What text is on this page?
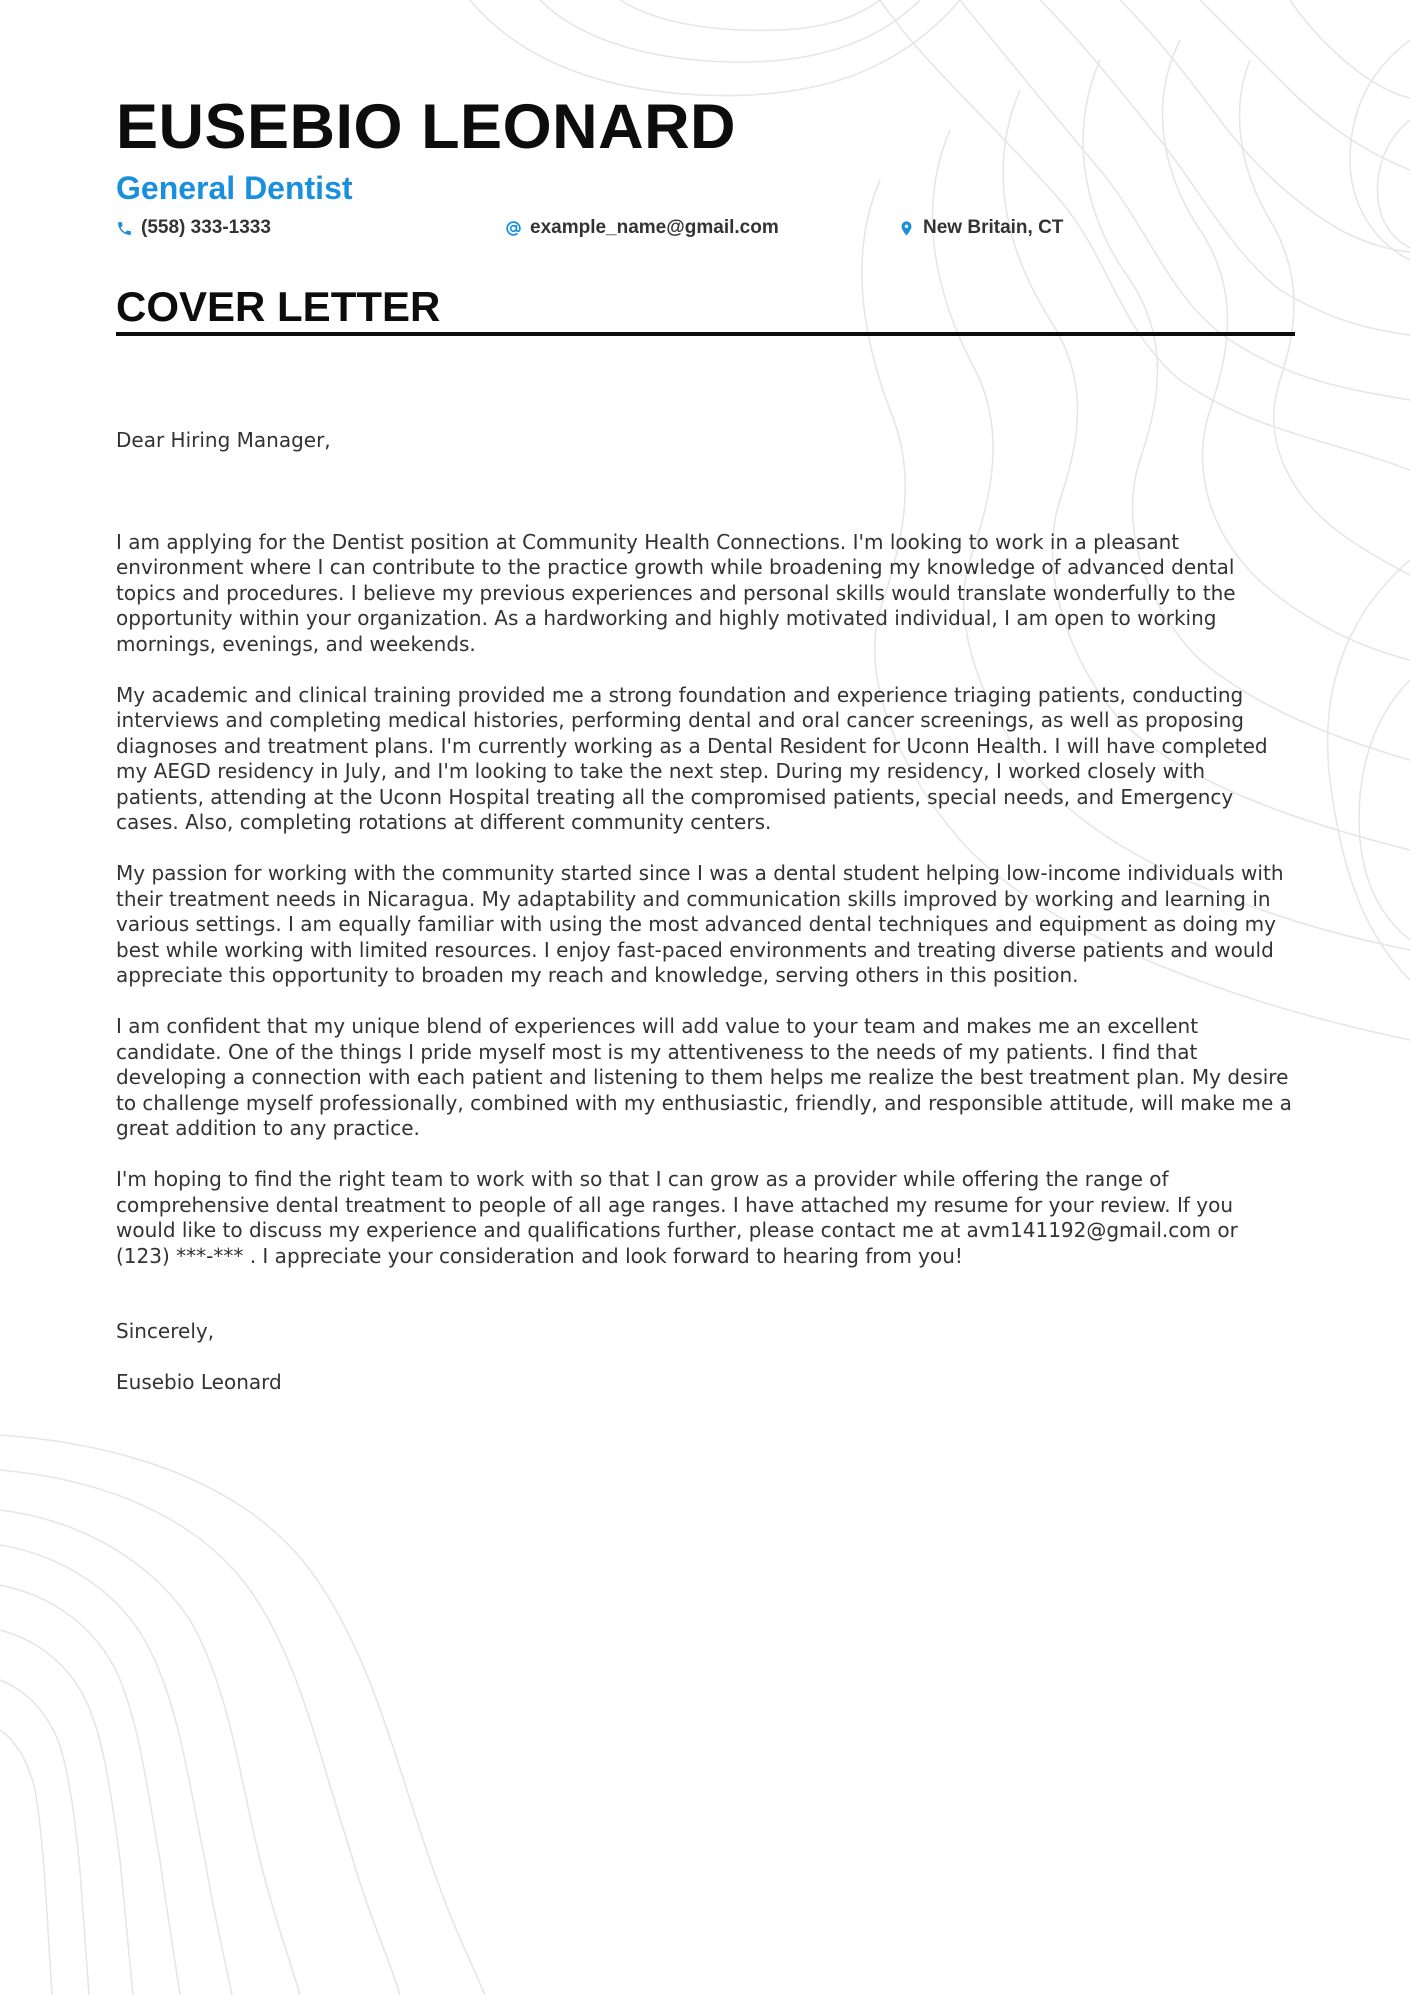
EUSEBIO LEONARD
General Dentist
(558) 333-1333	example_name@gmail.com	New Britain, CT
COVER LETTER

Dear Hiring Manager,

I am applying for the Dentist position at Community Health Connections. I'm looking to work in a pleasant environment where I can contribute to the practice growth while broadening my knowledge of advanced dental topics and procedures. I believe my previous experiences and personal skills would translate wonderfully to the opportunity within your organization. As a hardworking and highly motivated individual, I am open to working mornings, evenings, and weekends.

My academic and clinical training provided me a strong foundation and experience triaging patients, conducting interviews and completing medical histories, performing dental and oral cancer screenings, as well as proposing diagnoses and treatment plans. I'm currently working as a Dental Resident for Uconn Health. I will have completed my AEGD residency in July, and I'm looking to take the next step. During my residency, I worked closely with patients, attending at the Uconn Hospital treating all the compromised patients, special needs, and Emergency cases. Also, completing rotations at different community centers.

My passion for working with the community started since I was a dental student helping low-income individuals with their treatment needs in Nicaragua. My adaptability and communication skills improved by working and learning in various settings. I am equally familiar with using the most advanced dental techniques and equipment as doing my best while working with limited resources. I enjoy fast-paced environments and treating diverse patients and would appreciate this opportunity to broaden my reach and knowledge, serving others in this position.

I am confident that my unique blend of experiences will add value to your team and makes me an excellent candidate. One of the things I pride myself most is my attentiveness to the needs of my patients. I find that developing a connection with each patient and listening to them helps me realize the best treatment plan. My desire to challenge myself professionally, combined with my enthusiastic, friendly, and responsible attitude, will make me a great addition to any practice.

I'm hoping to find the right team to work with so that I can grow as a provider while offering the range of comprehensive dental treatment to people of all age ranges. I have attached my resume for your review. If you would like to discuss my experience and qualifications further, please contact me at avm141192@gmail.com or (123) ***-*** . I appreciate your consideration and look forward to hearing from you!

Sincerely,

Eusebio Leonard
